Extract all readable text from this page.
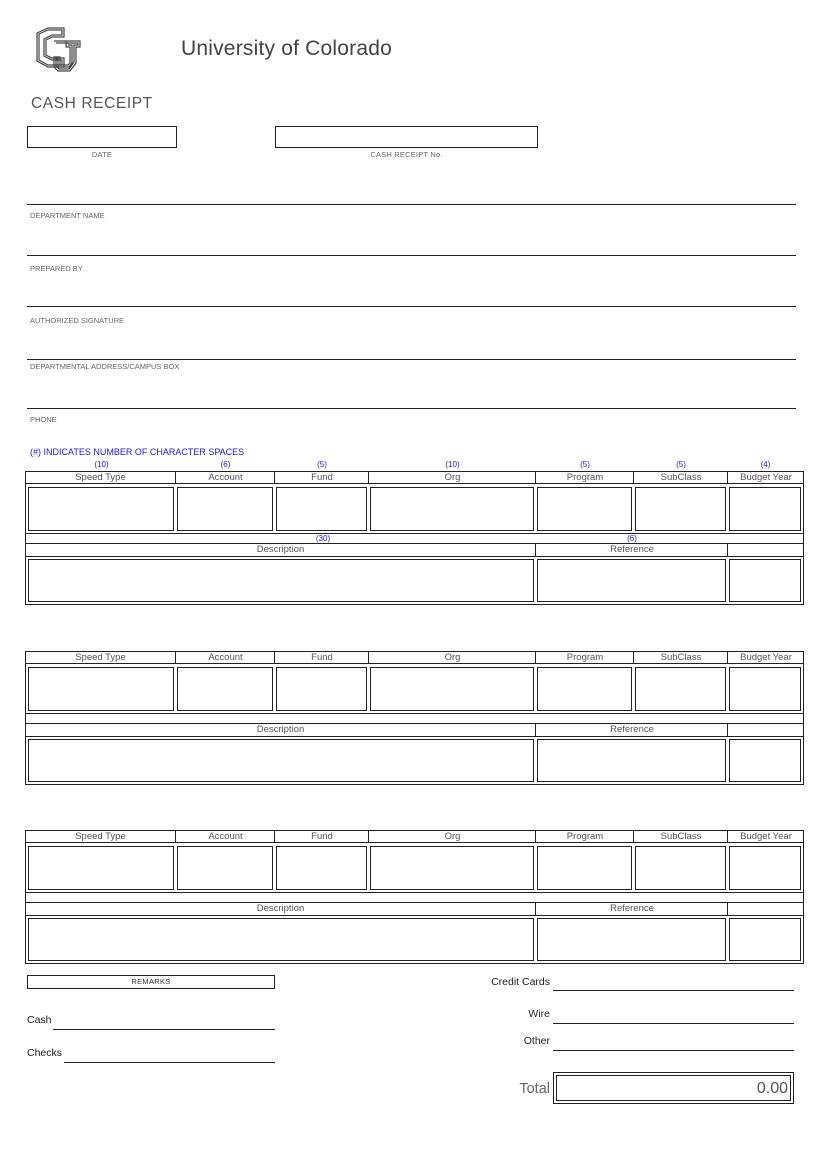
University of Colorado
CASH RECEIPT
DATE	CASH RECEIPT No.
DEPARTMENT NAME
PREPARED BY
AUTHORIZED SIGNATURE
DEPARTMENTAL ADDRESS/CAMPUS BOX
PHONE
(#) INDICATES NUMBER OF CHARACTER SPACES
(10)	(6)	(5)	(10)	(5)	(5)	(4)
(30)	(6)
Speed Type	Account	Fund	Org	Program	SubClass	Budget Year
Description	Reference
Speed Type	Account	Fund	Org	Program	SubClass	Budget Year
Description	Reference
Speed Type	Account	Fund	Org	Program	SubClass	Budget Year
Description	Reference
REMARKS
Cash
Checks
Credit Cards
Wire
Other
Total	0.00
